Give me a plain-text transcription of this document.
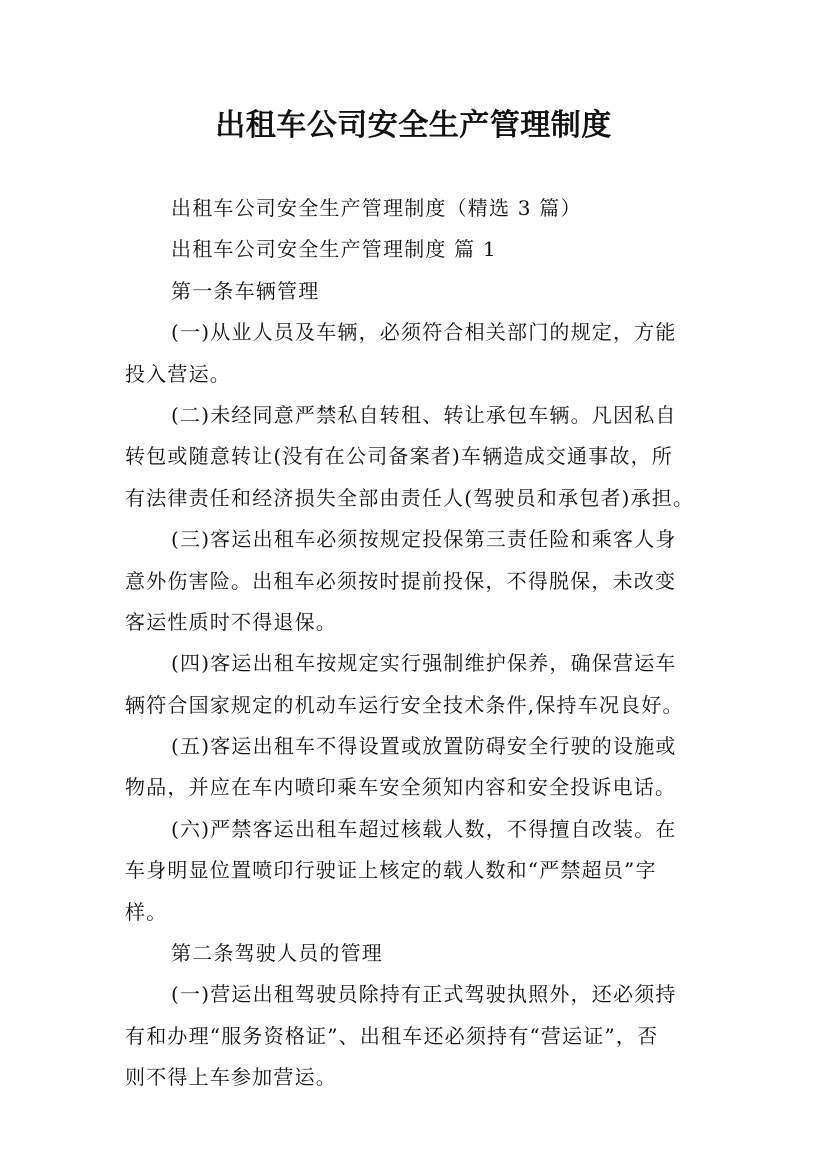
出租车公司安全生产管理制度
出租车公司安全生产管理制度（精选 3 篇）
出租车公司安全生产管理制度 篇 1
第一条车辆管理
(一)从业人员及车辆，必须符合相关部门的规定，方能
投入营运。
(二)未经同意严禁私自转租、转让承包车辆。凡因私自
转包或随意转让(没有在公司备案者)车辆造成交通事故，所
有法律责任和经济损失全部由责任人(驾驶员和承包者)承担。
(三)客运出租车必须按规定投保第三责任险和乘客人身
意外伤害险。出租车必须按时提前投保，不得脱保，未改变
客运性质时不得退保。
(四)客运出租车按规定实行强制维护保养，确保营运车
辆符合国家规定的机动车运行安全技术条件,保持车况良好。
(五)客运出租车不得设置或放置防碍安全行驶的设施或
物品，并应在车内喷印乘车安全须知内容和安全投诉电话。
(六)严禁客运出租车超过核载人数，不得擅自改装。在
车身明显位置喷印行驶证上核定的载人数和“严禁超员”字
样。
第二条驾驶人员的管理
(一)营运出租驾驶员除持有正式驾驶执照外，还必须持
有和办理“服务资格证”、出租车还必须持有“营运证”，否
则不得上车参加营运。
